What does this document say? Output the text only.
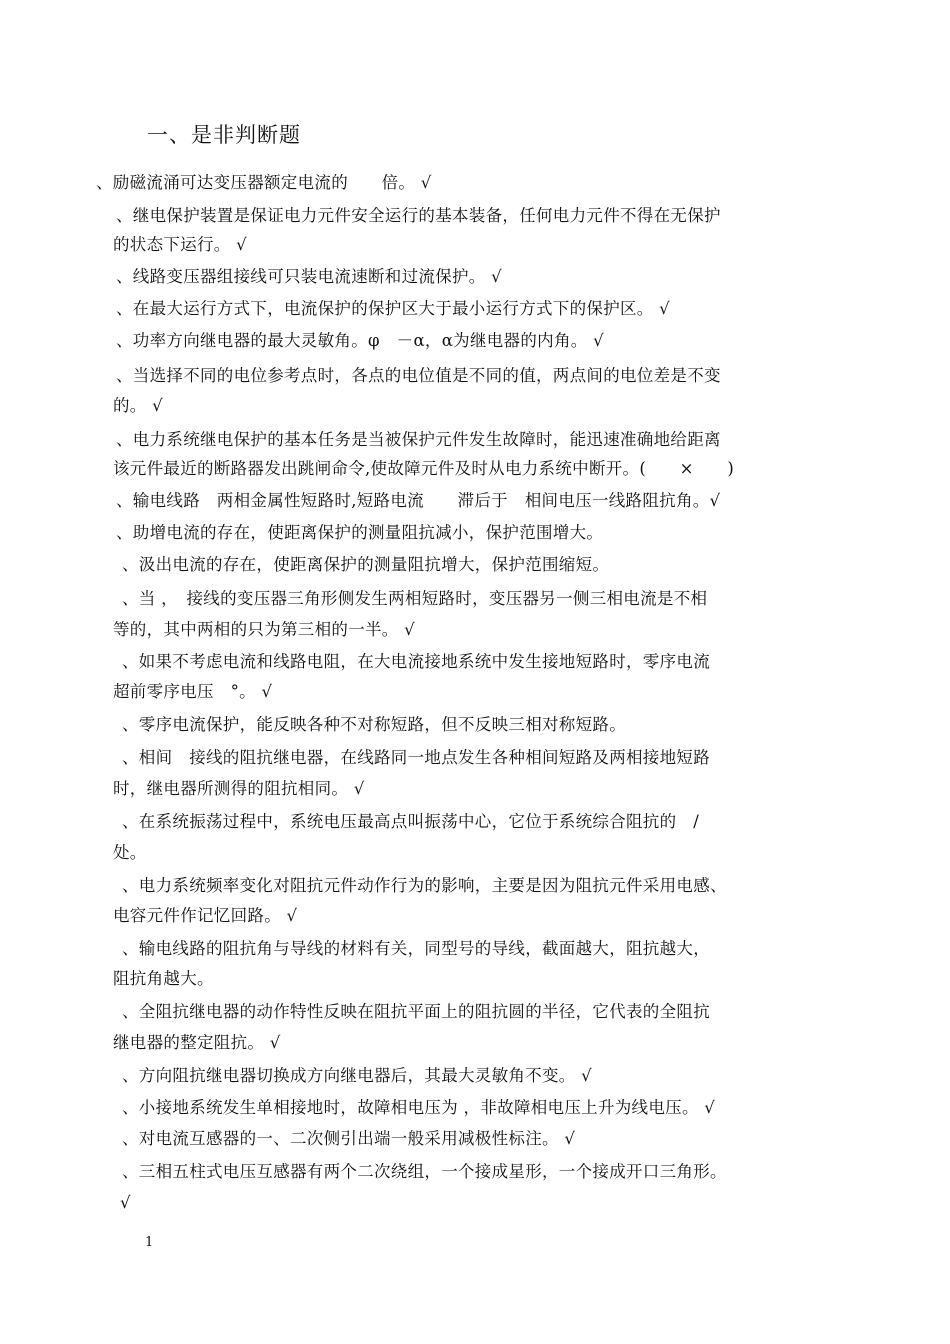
一、是非判断题
、励磁流涌可达变压器额定电流的　　倍。 √
、继电保护装置是保证电力元件安全运行的基本装备，任何电力元件不得在无保护
的状态下运行。 √
、线路变压器组接线可只装电流速断和过流保护。 √
、在最大运行方式下，电流保护的保护区大于最小运行方式下的保护区。 √
、功率方向继电器的最大灵敏角。φ　－α，α为继电器的内角。 √
、当选择不同的电位参考点时，各点的电位值是不同的值，两点间的电位差是不变
的。 √
、电力系统继电保护的基本任务是当被保护元件发生故障时，能迅速准确地给距离
该元件最近的断路器发出跳闸命令,使故障元件及时从电力系统中断开。(　　×　　)
、输电线路　两相金属性短路时,短路电流　　滞后于　相间电压一线路阻抗角。√
、助增电流的存在，使距离保护的测量阻抗减小，保护范围增大。
、汲出电流的存在，使距离保护的测量阻抗增大，保护范围缩短。
、当 ，　接线的变压器三角形侧发生两相短路时，变压器另一侧三相电流是不相
等的，其中两相的只为第三相的一半。 √
、如果不考虑电流和线路电阻，在大电流接地系统中发生接地短路时，零序电流
超前零序电压　°。 √
、零序电流保护，能反映各种不对称短路，但不反映三相对称短路。
、相间　接线的阻抗继电器，在线路同一地点发生各种相间短路及两相接地短路
时，继电器所测得的阻抗相同。 √
、在系统振荡过程中，系统电压最高点叫振荡中心，它位于系统综合阻抗的　/
处。
、电力系统频率变化对阻抗元件动作行为的影响，主要是因为阻抗元件采用电感、
电容元件作记忆回路。 √
、输电线路的阻抗角与导线的材料有关，同型号的导线，截面越大，阻抗越大，
阻抗角越大。
、全阻抗继电器的动作特性反映在阻抗平面上的阻抗圆的半径，它代表的全阻抗
继电器的整定阻抗。 √
、方向阻抗继电器切换成方向继电器后，其最大灵敏角不变。 √
、小接地系统发生单相接地时，故障相电压为 ，非故障相电压上升为线电压。 √
、对电流互感器的一、二次侧引出端一般采用减极性标注。 √
、三相五柱式电压互感器有两个二次绕组，一个接成星形，一个接成开口三角形。
√
1
